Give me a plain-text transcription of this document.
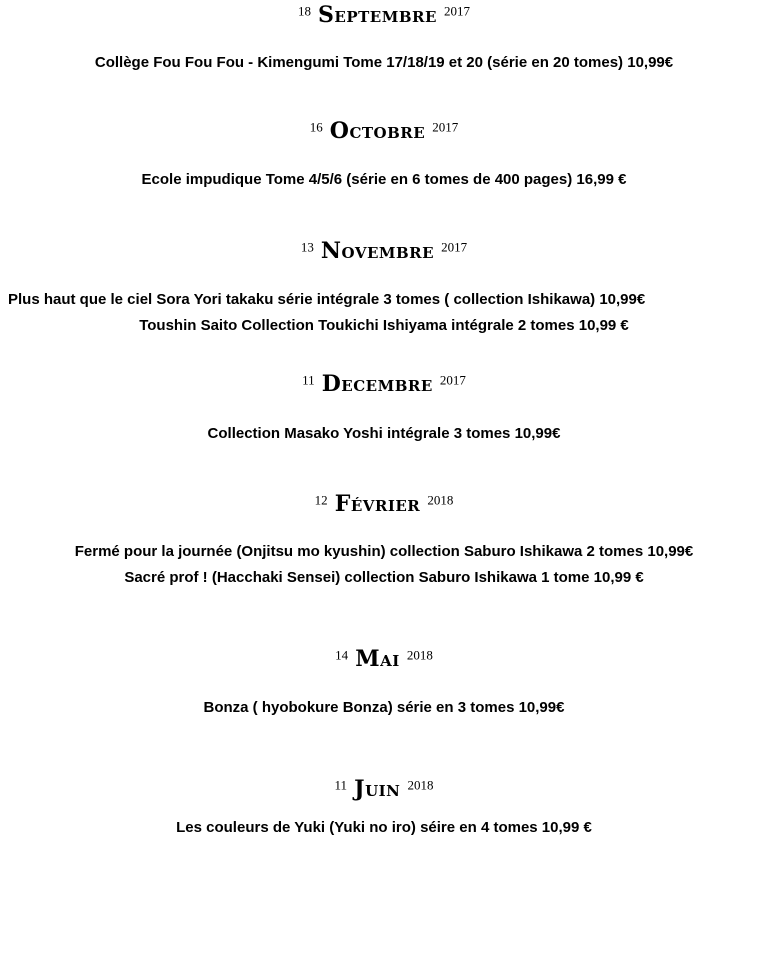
$^{18}$ Septembre $^{2017}$
Collège Fou Fou Fou - Kimengumi Tome 17/18/19 et 20 (série en 20 tomes) 10,99€
$^{16}$ Octobre $^{2017}$
Ecole impudique Tome 4/5/6 (série en 6 tomes de 400 pages) 16,99 €
$^{13}$ Novembre $^{2017}$
Plus haut que le ciel Sora Yori takaku série intégrale 3 tomes ( collection Ishikawa) 10,99€
Toushin Saito Collection Toukichi Ishiyama intégrale 2 tomes 10,99 €
$^{11}$ Decembre $^{2017}$
Collection Masako Yoshi intégrale 3 tomes 10,99€
$^{12}$ Février $^{2018}$
Fermé pour la journée (Onjitsu mo kyushin) collection Saburo Ishikawa 2 tomes 10,99€
Sacré prof ! (Hacchaki Sensei) collection Saburo Ishikawa 1 tome 10,99 €
$^{14}$ Mai $^{2018}$
Bonza ( hyobokure Bonza) série en 3 tomes 10,99€
$^{11}$ Juin $^{2018}$
Les couleurs de Yuki (Yuki no iro) séire en 4 tomes 10,99 €
